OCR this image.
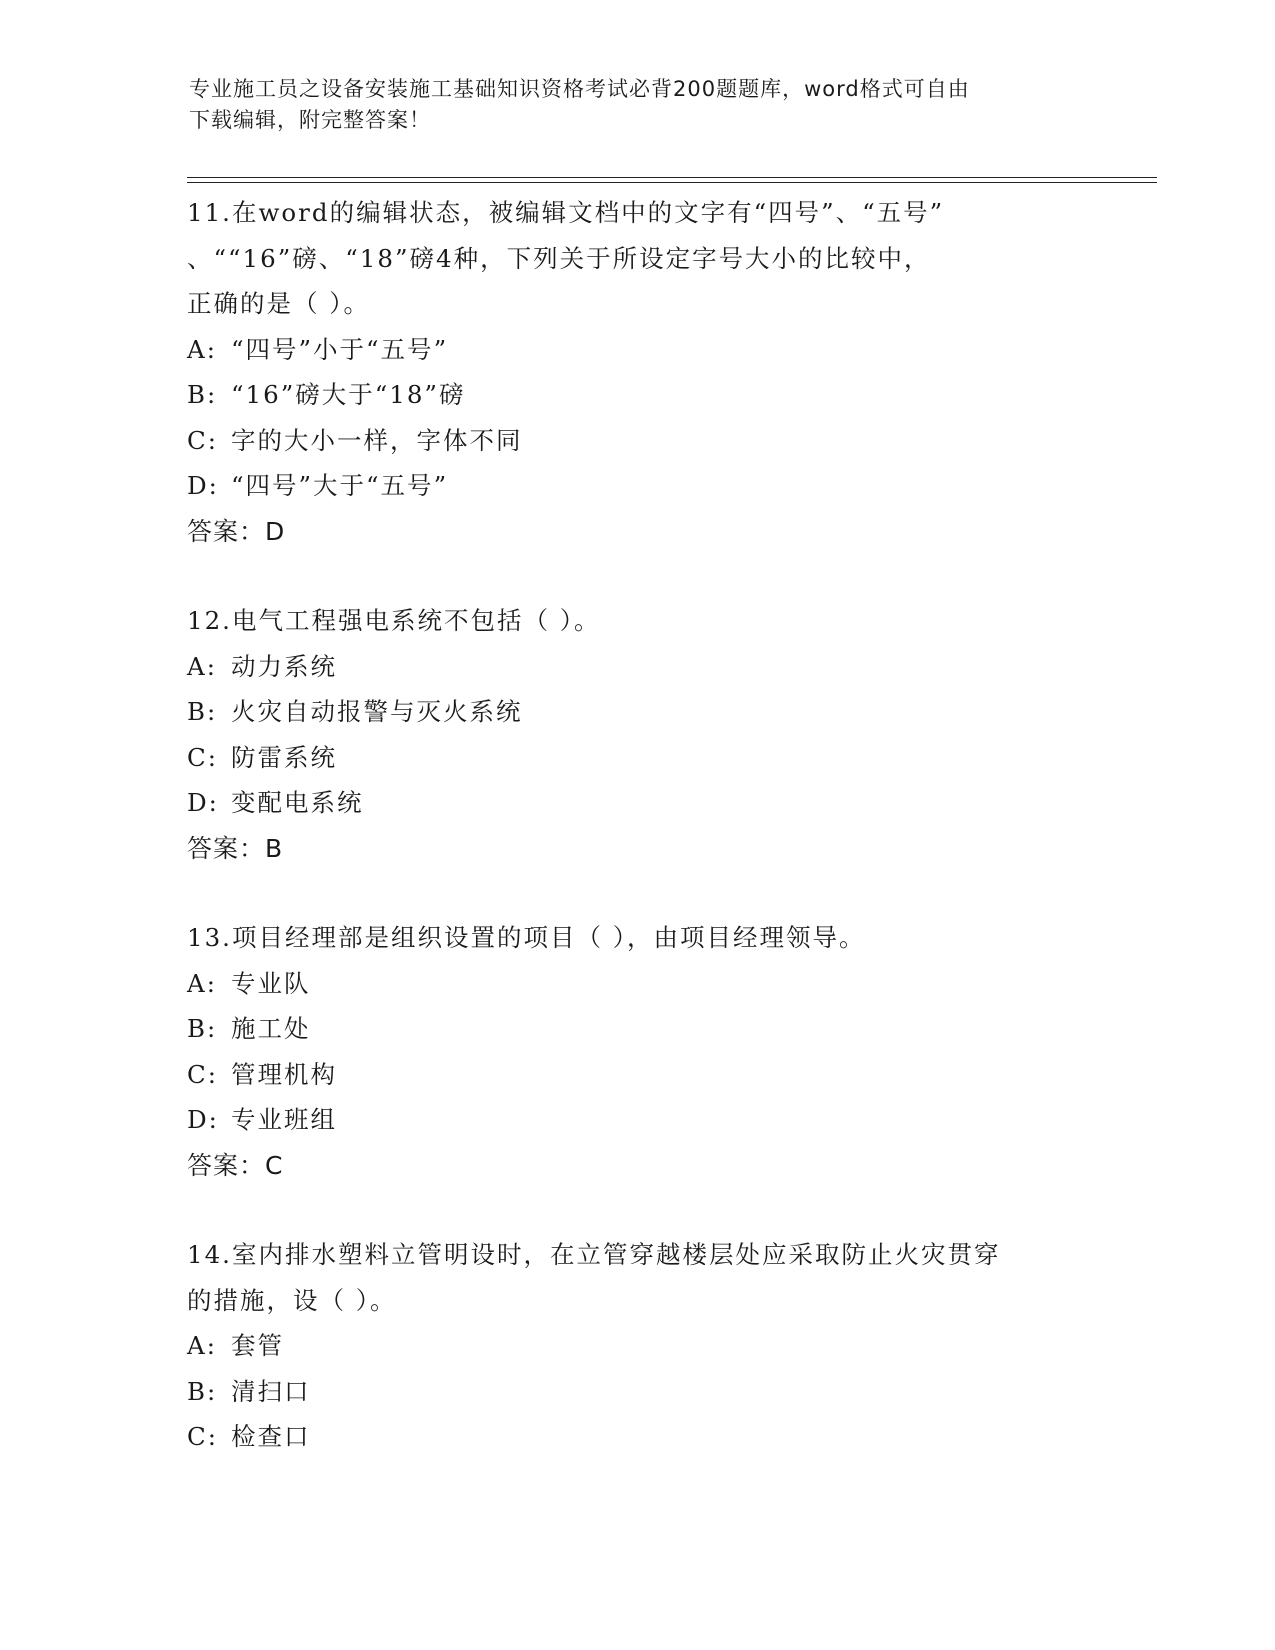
专业施工员之设备安装施工基础知识资格考试必背200题题库，word格式可自由
下载编辑，附完整答案！
11.在word的编辑状态，被编辑文档中的文字有“四号”、“五号”
、““16”磅、“18”磅4种，下列关于所设定字号大小的比较中，
正确的是（ ）。
A: “四号”小于“五号”
B: “16”磅大于“18”磅
C: 字的大小一样，字体不同
D: “四号”大于“五号”
答案：D
12.电气工程强电系统不包括（ ）。
A: 动力系统
B: 火灾自动报警与灭火系统
C: 防雷系统
D: 变配电系统
答案：B
13.项目经理部是组织设置的项目（ ），由项目经理领导。
A: 专业队
B: 施工处
C: 管理机构
D: 专业班组
答案：C
14.室内排水塑料立管明设时，在立管穿越楼层处应采取防止火灾贯穿
的措施，设（ ）。
A: 套管
B: 清扫口
C: 检查口
